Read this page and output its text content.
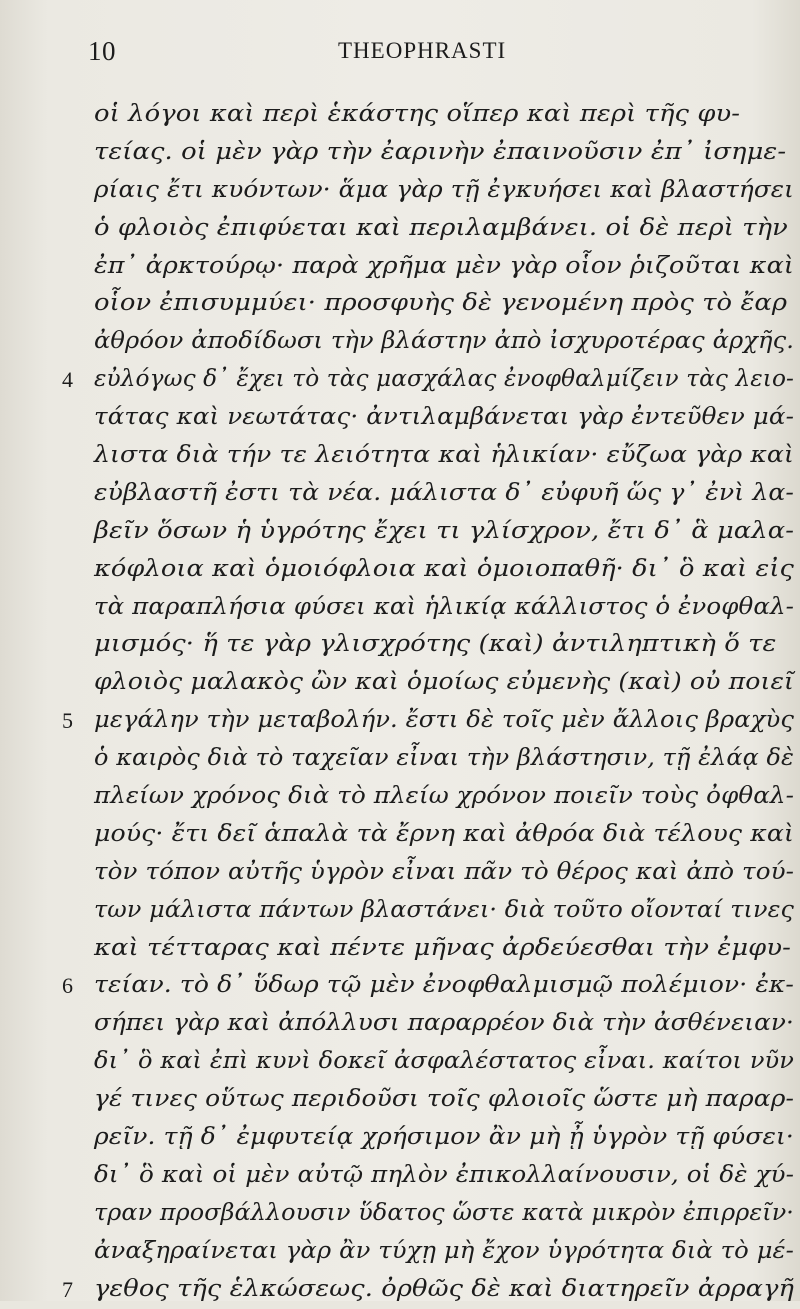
10	THEOPHRASTI
οἱ λόγοι καὶ περὶ ἑκάστης οἵπερ καὶ περὶ τῆς φυ-
τείας. οἱ μὲν γὰρ τὴν ἐαρινὴν ἐπαινοῦσιν ἐπ᾽ ἰσημε-
ρίαις ἔτι κυόντων· ἅμα γὰρ τῇ ἐγκυήσει καὶ βλαστήσει
ὁ φλοιὸς ἐπιφύεται καὶ περιλαμβάνει. οἱ δὲ περὶ τὴν
ἐπ᾽ ἀρκτούρῳ· παρὰ χρῆμα μὲν γὰρ οἷον ῥιζοῦται καὶ
οἷον ἐπισυμμύει· προσφυὴς δὲ γενομένη πρὸς τὸ ἔαρ
ἀθρόον ἀποδίδωσι τὴν βλάστην ἀπὸ ἰσχυροτέρας ἀρχῆς.
4 εὐλόγως δ᾽ ἔχει τὸ τὰς μασχάλας ἐνοφθαλμίζειν τὰς λειο-
τάτας καὶ νεωτάτας· ἀντιλαμβάνεται γὰρ ἐντεῦθεν μά-
λιστα διὰ τήν τε λειότητα καὶ ἡλικίαν· εὔζωα γὰρ καὶ
εὐβλαστῆ ἐστι τὰ νέα. μάλιστα δ᾽ εὐφυῆ ὥς γ᾽ ἐνὶ λα-
βεῖν ὅσων ἡ ὑγρότης ἔχει τι γλίσχρον, ἔτι δ᾽ ἃ μαλα-
κόφλοια καὶ ὁμοιόφλοια καὶ ὁμοιοπαθῆ· δι᾽ ὃ καὶ εἰς
τὰ παραπλήσια φύσει καὶ ἡλικίᾳ κάλλιστος ὁ ἐνοφθαλ-
μισμός· ἥ τε γὰρ γλισχρότης (καὶ) ἀντιληπτικὴ ὅ τε
φλοιὸς μαλακὸς ὢν καὶ ὁμοίως εὐμενὴς (καὶ) οὐ ποιεῖ
5 μεγάλην τὴν μεταβολήν. ἔστι δὲ τοῖς μὲν ἄλλοις βραχὺς
ὁ καιρὸς διὰ τὸ ταχεῖαν εἶναι τὴν βλάστησιν, τῇ ἐλάᾳ δὲ
πλείων χρόνος διὰ τὸ πλείω χρόνον ποιεῖν τοὺς ὀφθαλ-
μούς· ἔτι δεῖ ἁπαλὰ τὰ ἔρνη καὶ ἀθρόα διὰ τέλους καὶ
τὸν τόπον αὐτῆς ὑγρὸν εἶναι πᾶν τὸ θέρος καὶ ἀπὸ τού-
των μάλιστα πάντων βλαστάνει· διὰ τοῦτο οἴονταί τινες
καὶ τέτταρας καὶ πέντε μῆνας ἀρδεύεσθαι τὴν ἐμφυ-
6 τείαν. τὸ δ᾽ ὕδωρ τῷ μὲν ἐνοφθαλμισμῷ πολέμιον· ἐκ-
σήπει γὰρ καὶ ἀπόλλυσι παραρρέον διὰ τὴν ἀσθένειαν·
δι᾽ ὃ καὶ ἐπὶ κυνὶ δοκεῖ ἀσφαλέστατος εἶναι. καίτοι νῦν
γέ τινες οὕτως περιδοῦσι τοῖς φλοιοῖς ὥστε μὴ παραρ-
ρεῖν. τῇ δ᾽ ἐμφυτείᾳ χρήσιμον ἂν μὴ ᾖ ὑγρὸν τῇ φύσει·
δι᾽ ὃ καὶ οἱ μὲν αὐτῷ πηλὸν ἐπικολλαίνουσιν, οἱ δὲ χύ-
τραν προσβάλλουσιν ὕδατος ὥστε κατὰ μικρὸν ἐπιρρεῖν·
ἀναξηραίνεται γὰρ ἂν τύχῃ μὴ ἔχον ὑγρότητα διὰ τὸ μέ-
7 γεθος τῆς ἑλκώσεως. ὀρθῶς δὲ καὶ διατηρεῖν ἀρραγῆ
